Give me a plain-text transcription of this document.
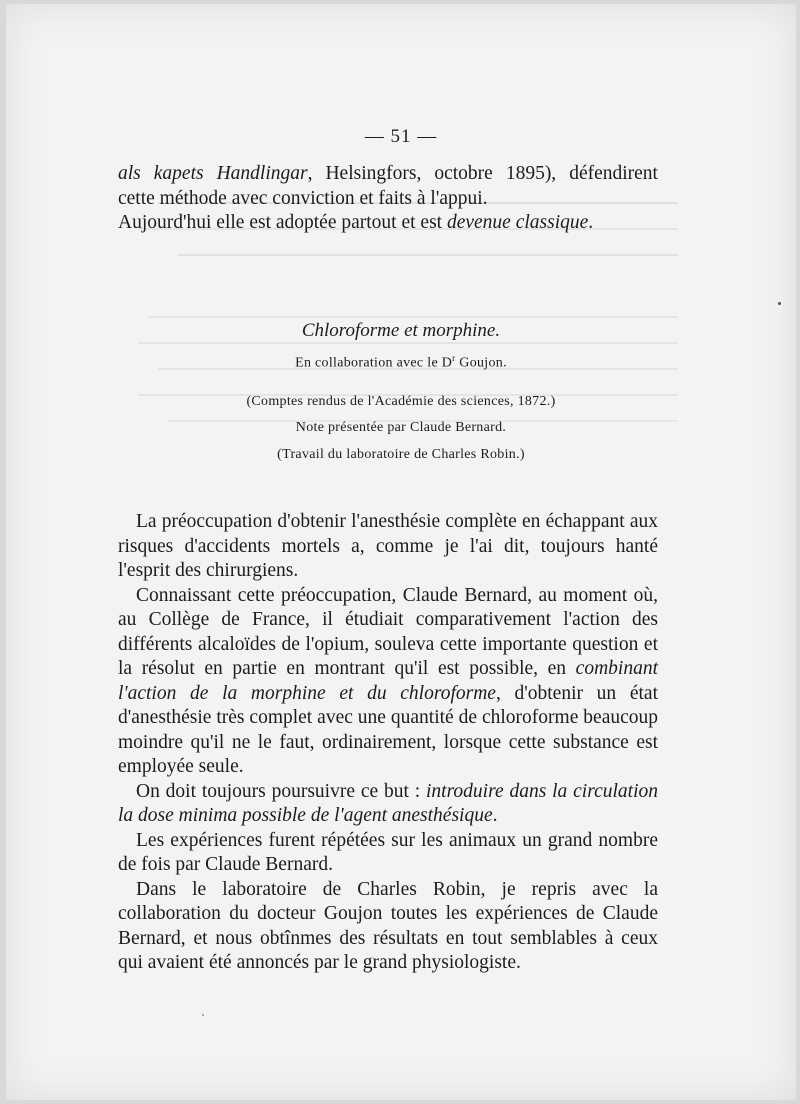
— 51 —

als kapets Handlingar, Helsingfors, octobre 1895), défendirent

cette méthode avec conviction et faits à l'appui.

Aujourd'hui elle est adoptée partout et est devenue classique.

Chloroforme et morphine.
En collaboration avec le $D^r$ Goujon.
(Comptes rendus de l'Académie des sciences, 1872.)
Note présentée par Claude Bernard.
(Travail du laboratoire de Charles Robin.)

La préoccupation d'obtenir l'anesthésie complète en échappant aux risques d'accidents mortels a, comme je l'ai dit, toujours hanté l'esprit des chirurgiens.

Connaissant cette préoccupation, Claude Bernard, au moment où, au Collège de France, il étudiait comparativement l'action des différents alcaloïdes de l'opium, souleva cette importante question et la résolut en partie en montrant qu'il est possible, en combinant l'action de la morphine et du chloroforme, d'obtenir un état d'anesthésie très complet avec une quantité de chloroforme beaucoup moindre qu'il ne le faut, ordinairement, lorsque cette substance est employée seule.

On doit toujours poursuivre ce but : introduire dans la circulation la dose minima possible de l'agent anesthésique.

Les expériences furent répétées sur les animaux un grand nombre de fois par Claude Bernard.

Dans le laboratoire de Charles Robin, je repris avec la collaboration du docteur Goujon toutes les expériences de Claude Bernard, et nous obtînmes des résultats en tout semblables à ceux qui avaient été annoncés par le grand physiologiste.
